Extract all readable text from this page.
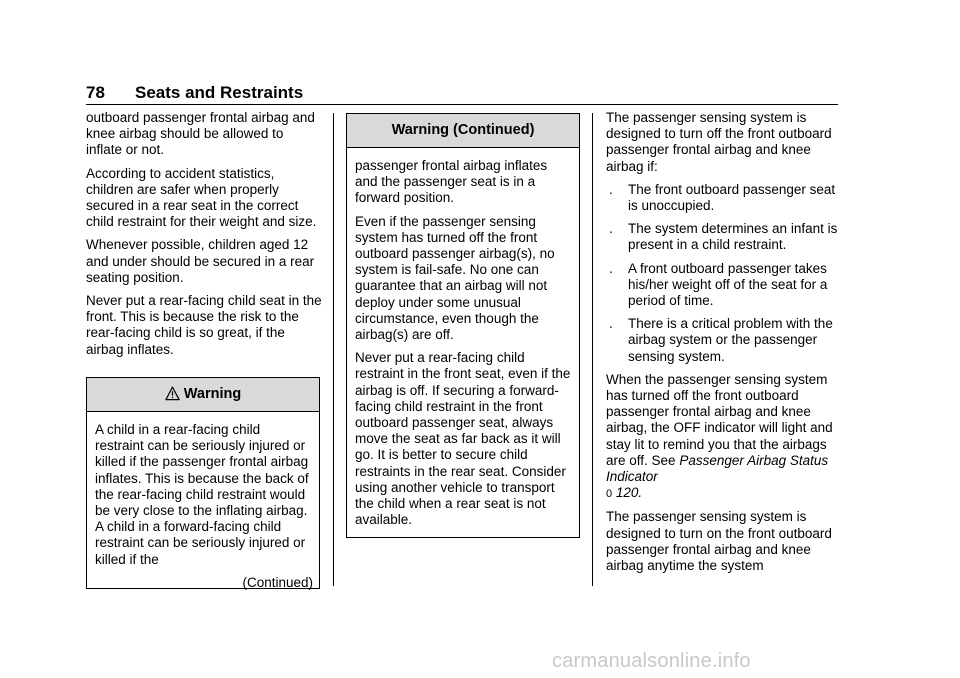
78 Seats and Restraints

outboard passenger frontal airbag and knee airbag should be allowed to inflate or not.

According to accident statistics, children are safer when properly secured in a rear seat in the correct child restraint for their weight and size.

Whenever possible, children aged 12 and under should be secured in a rear seating position.

Never put a rear-facing child seat in the front. This is because the risk to the rear-facing child is so great, if the airbag inflates.

Warning

A child in a rear-facing child restraint can be seriously injured or killed if the passenger frontal airbag inflates. This is because the back of the rear-facing child restraint would be very close to the inflating airbag. A child in a forward-facing child restraint can be seriously injured or killed if the

(Continued)
Warning (Continued)

passenger frontal airbag inflates and the passenger seat is in a forward position.

Even if the passenger sensing system has turned off the front outboard passenger airbag(s), no system is fail-safe. No one can guarantee that an airbag will not deploy under some unusual circumstance, even though the airbag(s) are off.

Never put a rear-facing child restraint in the front seat, even if the airbag is off. If securing a forward-facing child restraint in the front outboard passenger seat, always move the seat as far back as it will go. It is better to secure child restraints in the rear seat. Consider using another vehicle to transport the child when a rear seat is not available.

The passenger sensing system is designed to turn off the front outboard passenger frontal airbag and knee airbag if:

. The front outboard passenger seat is unoccupied.
. The system determines an infant is present in a child restraint.
. A front outboard passenger takes his/her weight off of the seat for a period of time.
. There is a critical problem with the airbag system or the passenger sensing system.

When the passenger sensing system has turned off the front outboard passenger frontal airbag and knee airbag, the OFF indicator will light and stay lit to remind you that the airbags are off. See Passenger Airbag Status Indicator
0 120.

The passenger sensing system is designed to turn on the front outboard passenger frontal airbag and knee airbag anytime the system

carmanualsonline.info
